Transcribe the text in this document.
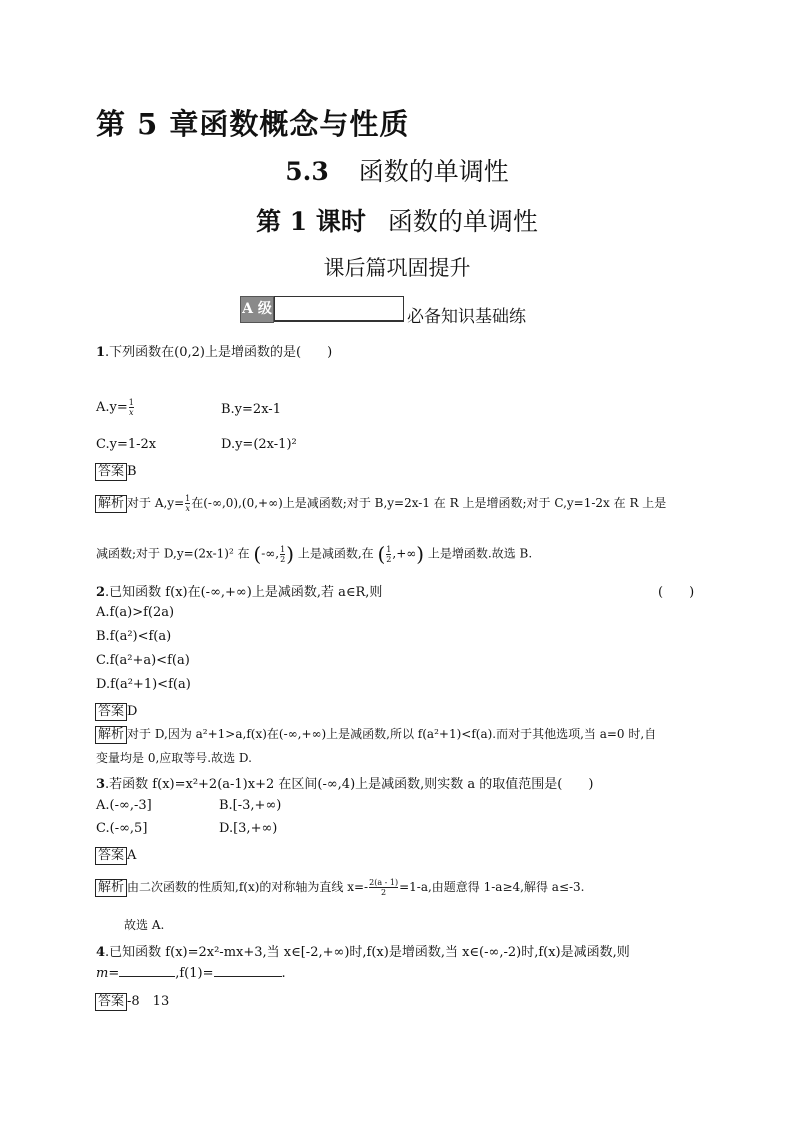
第 5 章函数概念与性质
5.3 函数的单调性
第 1 课时 函数的单调性
课后篇巩固提升
A 级	必备知识基础练
1.下列函数在(0,2)上是增函数的是(　　)
$A.y= \frac{1}{x}$	B.y=2x-1
C.y=1-2x	D.y=(2x-1)²
答案 B
解析 对于 $A,y= \frac{1}{x}$ 在(-∞,0),(0,+∞)上是减函数;对于 B,y=2x-1 在 R 上是增函数;对于 C,y=1-2x 在 R 上是
减函数;对于 D,y=(2x-1)² 在 (-∞, $\frac{1}{2}$ ) 上是减函数,在 ( $\frac{1}{2}$ ,+∞) 上是增函数.故选 B.
2.已知函数 f(x)在(-∞,+∞)上是减函数,若 a∈R,则	(　　)
A.f(a)>f(2a)
B.f(a²)<f(a)
C.f(a²+a)<f(a)
D.f(a²+1)<f(a)
答案 D
解析 对于 D,因为 a²+1>a,f(x)在(-∞,+∞)上是减函数,所以 f(a²+1)<f(a).而对于其他选项,当 a=0 时,自
变量均是 0,应取等号.故选 D.
3.若函数 f(x)=x²+2(a-1)x+2 在区间(-∞,4)上是减函数,则实数 a 的取值范围是(　　)
A.(-∞,-3]	B.[-3,+∞)
C.(-∞,5]	D.[3,+∞)
答案 A
解析 由二次函数的性质知,f(x)的对称轴为直线 $x=- \frac{2(a - 1)}{2} =1-a$,由题意得 1-a≥4,解得 a≤-3.
故选 A.
4.已知函数 f(x)=2x²-mx+3,当 x∈[-2,+∞)时,f(x)是增函数,当 x∈(-∞,-2)时,f(x)是减函数,则
m=	,f(1)=	.
答案 -8　13
